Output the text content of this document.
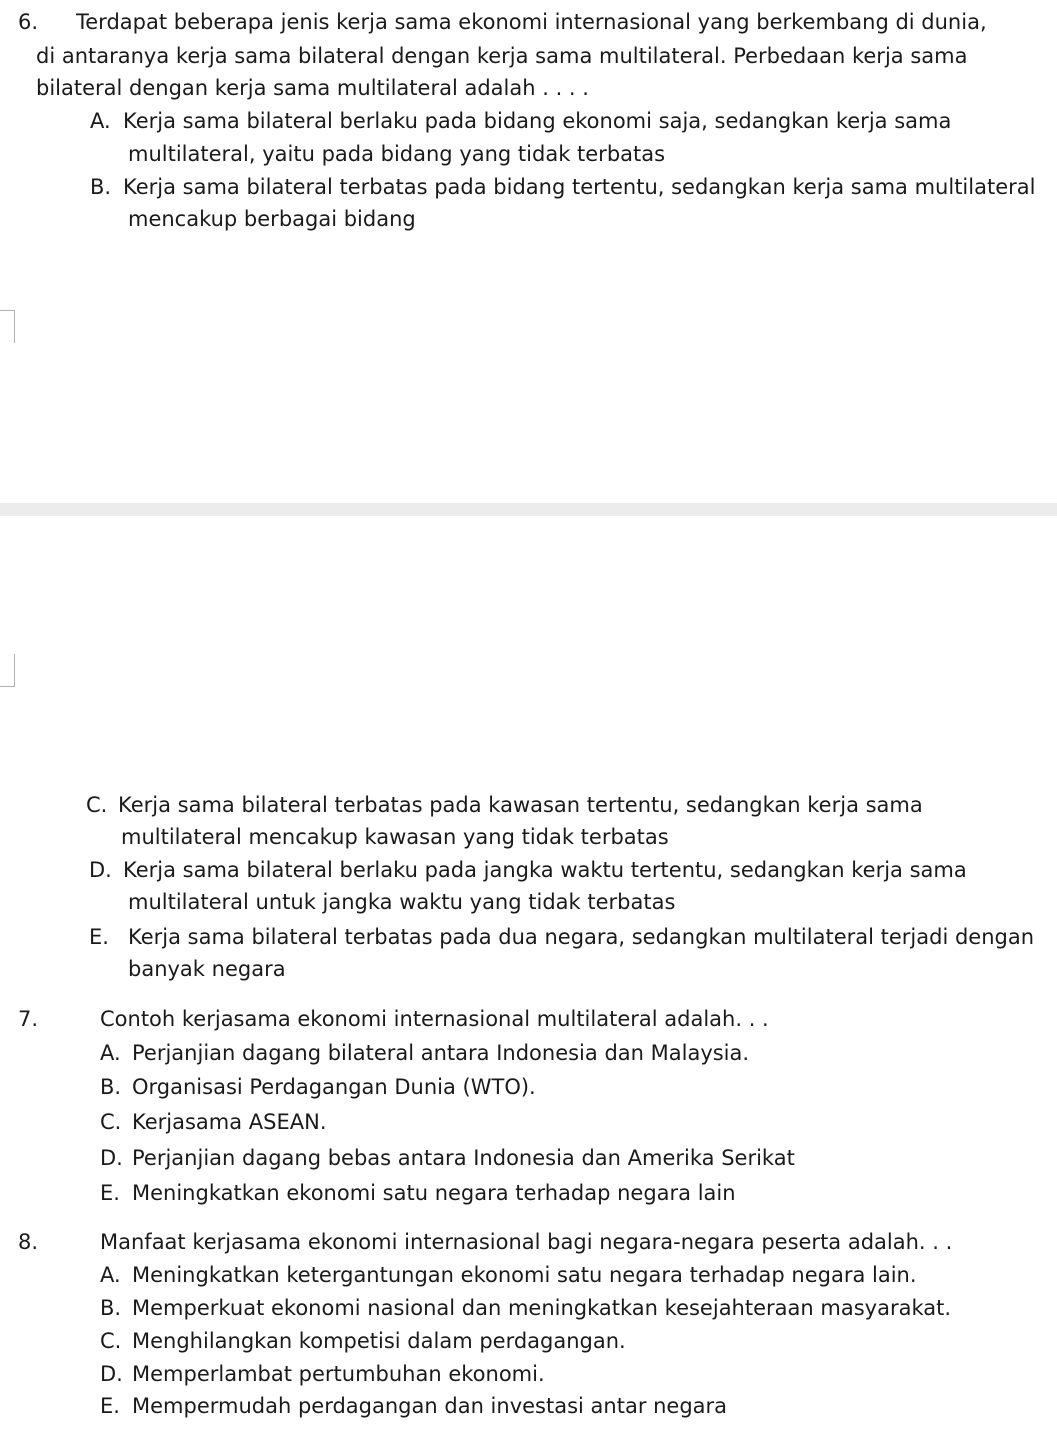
6. Terdapat beberapa jenis kerja sama ekonomi internasional yang berkembang di dunia,
di antaranya kerja sama bilateral dengan kerja sama multilateral. Perbedaan kerja sama
bilateral dengan kerja sama multilateral adalah . . . .
A. Kerja sama bilateral berlaku pada bidang ekonomi saja, sedangkan kerja sama
multilateral, yaitu pada bidang yang tidak terbatas
B. Kerja sama bilateral terbatas pada bidang tertentu, sedangkan kerja sama multilateral
mencakup berbagai bidang
C. Kerja sama bilateral terbatas pada kawasan tertentu, sedangkan kerja sama
multilateral mencakup kawasan yang tidak terbatas
D. Kerja sama bilateral berlaku pada jangka waktu tertentu, sedangkan kerja sama
multilateral untuk jangka waktu yang tidak terbatas
E. Kerja sama bilateral terbatas pada dua negara, sedangkan multilateral terjadi dengan
banyak negara
7.	Contoh kerjasama ekonomi internasional multilateral adalah. . .
A. Perjanjian dagang bilateral antara Indonesia dan Malaysia.
B. Organisasi Perdagangan Dunia (WTO).
C. Kerjasama ASEAN.
D. Perjanjian dagang bebas antara Indonesia dan Amerika Serikat
E. Meningkatkan ekonomi satu negara terhadap negara lain
8.	Manfaat kerjasama ekonomi internasional bagi negara-negara peserta adalah. . .
A. Meningkatkan ketergantungan ekonomi satu negara terhadap negara lain.
B. Memperkuat ekonomi nasional dan meningkatkan kesejahteraan masyarakat.
C. Menghilangkan kompetisi dalam perdagangan.
D. Memperlambat pertumbuhan ekonomi.
E. Mempermudah perdagangan dan investasi antar negara
